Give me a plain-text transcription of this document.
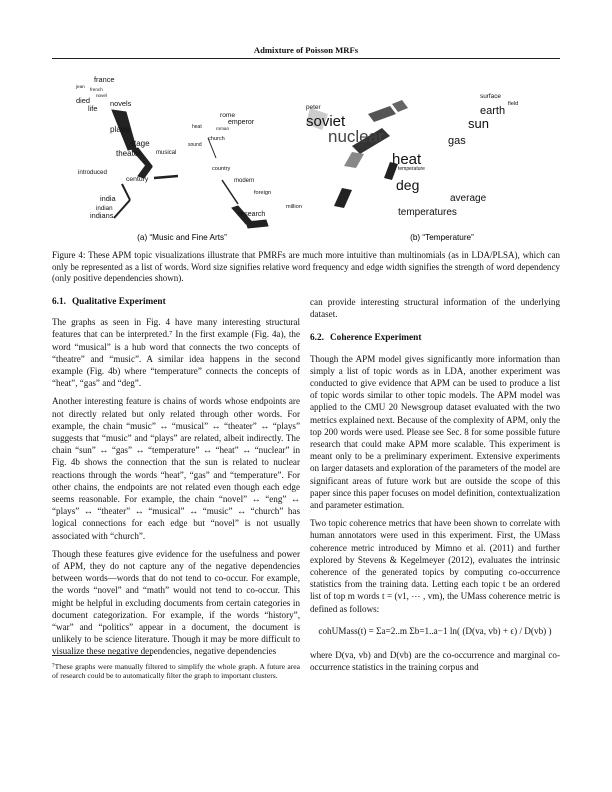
Admixture of Poisson MRFs
france
jean
french
novel
died
life
novels
plays
stage
theater	musical
introduced
century
india
indian
indians
rome
emperor
roman
heat
church
sound
country
modern
foreign
research
million
peter
soviet
nuclear
heat
gas
sun
earth
surface
field
temperature
deg
average
temperatures
(a) “Music and Fine Arts”	(b) “Temperature”
Figure 4: These APM topic visualizations illustrate that PMRFs are much more intuitive than multinomials (as in LDA/PLSA), which can only be represented as a list of words. Word size signifies relative word frequency and edge width signifies the strength of word dependency (only positive dependencies shown).
6.1. Qualitative Experiment

The graphs as seen in Fig. 4 have many interesting structural features that can be interpreted.⁷ In the first example (Fig. 4a), the word “musical” is a hub word that connects the two concepts of “theatre” and “music”. A similar idea happens in the second example (Fig. 4b) where “temperature” connects the concepts of “heat”, “gas” and “deg”.

Another interesting feature is chains of words whose endpoints are not directly related but only related through other words. For example, the chain “music” ↔ “musical” ↔ “theater” ↔ “plays” suggests that “music” and “plays” are related, albeit indirectly. The chain “sun” ↔ “gas” ↔ “temperature” ↔ “heat” ↔ “nuclear” in Fig. 4b shows the connection that the sun is related to nuclear reactions through the words “heat”, “gas” and “temperature”. For other chains, the endpoints are not related even though each edge seems reasonable. For example, the chain “novel” ↔ “eng” ↔ “plays” ↔ “theater” ↔ “musical” ↔ “music” ↔ “church” has logical connections for each edge but “novel” is not usually associated with “church”.

Though these features give evidence for the usefulness and power of APM, they do not capture any of the negative dependencies between words—words that do not tend to co-occur. For example, the words “novel” and “math” would not tend to co-occur. This might be helpful in excluding documents from certain categories in document categorization. For example, if the words “history”, “war” and “politics” appear in a document, the document is unlikely to be science literature. Though it may be more difficult to visualize these negative dependencies, negative dependencies

⁷These graphs were manually filtered to simplify the whole graph. A future area of research could be to automatically filter the graph to important clusters.

can provide interesting structural information of the underlying dataset.

6.2. Coherence Experiment

Though the APM model gives significantly more information than simply a list of topic words as in LDA, another experiment was conducted to give evidence that APM can be used to produce a list of topic words similar to other topic models. The APM model was applied to the CMU 20 Newsgroup dataset evaluated with the two metrics explained next. Because of the complexity of APM, only the top 200 words were used. Please see Sec. 8 for some possible future research that could make APM more scalable. This experiment is meant only to be a preliminary experiment. Extensive experiments on larger datasets and exploration of the parameters of the model are significant areas of future work but are outside the scope of this paper since this paper focuses on model definition, contextualization and parameter estimation.

Two topic coherence metrics that have been shown to correlate with human annotators were used in this experiment. First, the UMass coherence metric introduced by Mimno et al. (2011) and further explored by Stevens & Kegelmeyer (2012), evaluates the intrinsic coherence of the generated topics by computing co-occurrence statistics from the training data. Letting each topic t be an ordered list of top m words t = (v1, ⋯ , vm), the UMass coherence metric is defined as follows:

cohUMass(t) = Σa=2..m Σb=1..a−1 ln( (D(va, vb) + ϵ) / D(vb) )

where D(va, vb) and D(vb) are the co-occurrence and marginal co-occurrence statistics in the training corpus and
